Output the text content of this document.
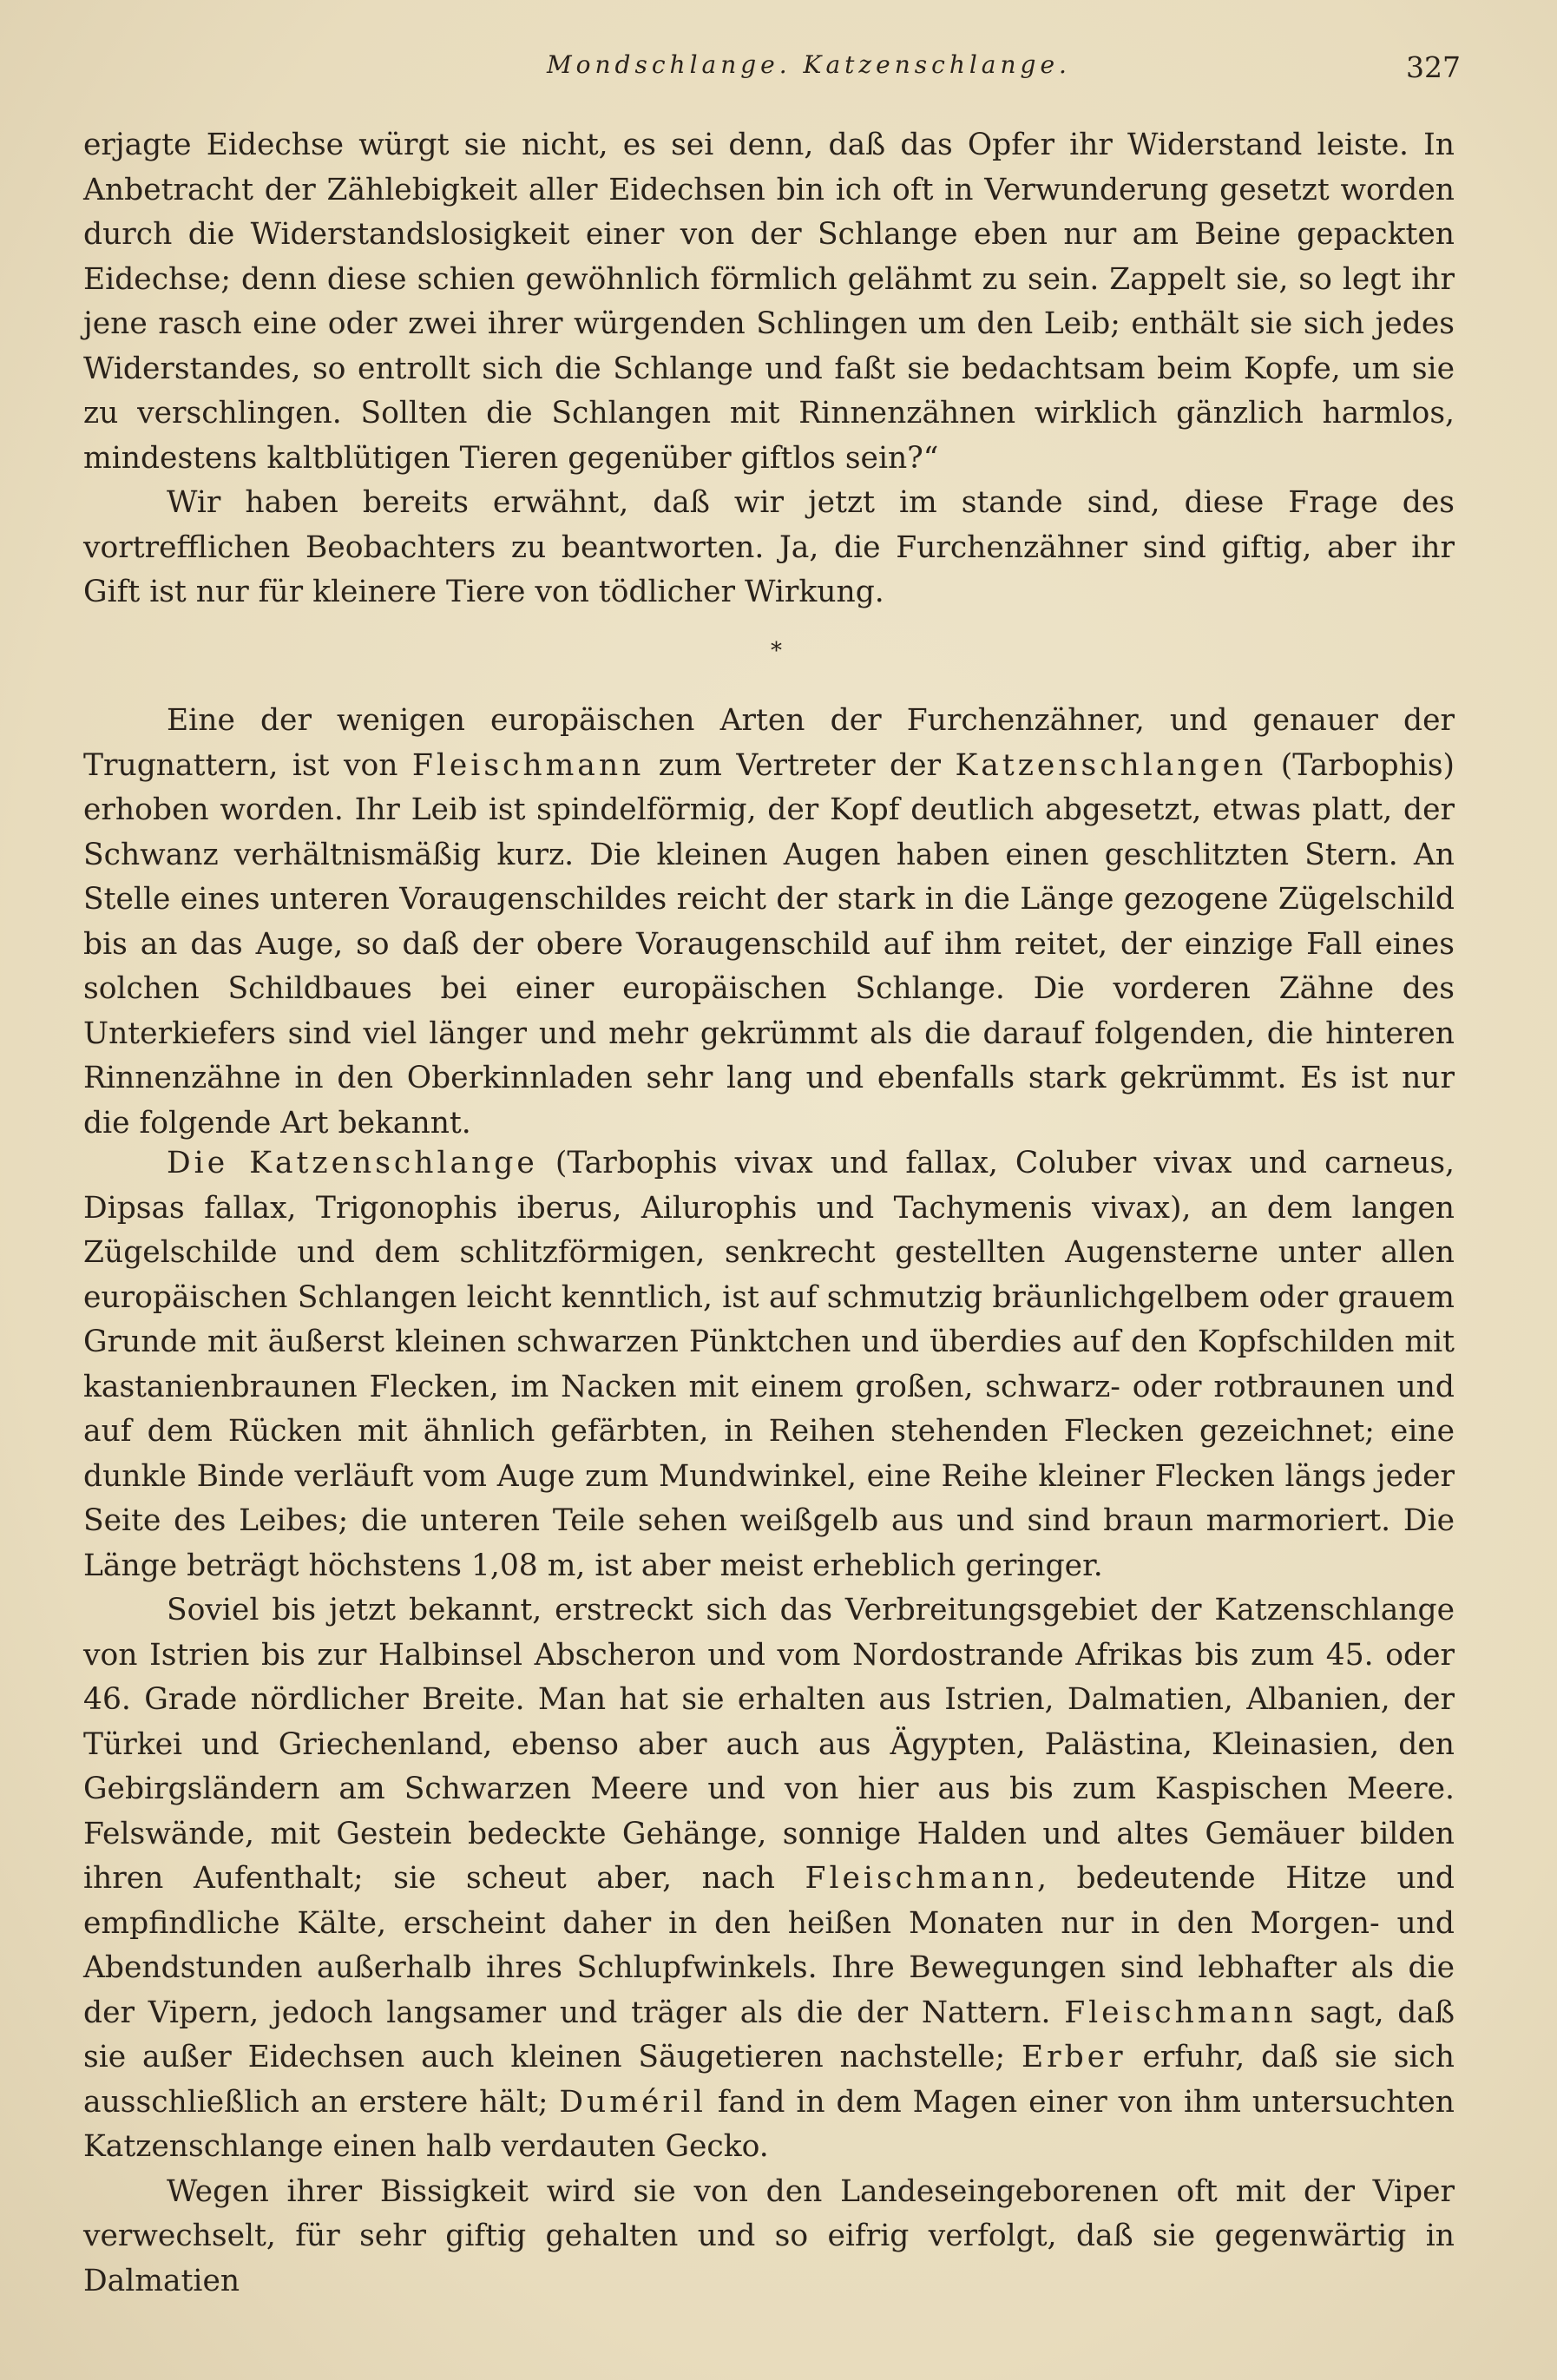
Mondschlange. Katzenschlange.	327

erjagte Eidechse würgt sie nicht, es sei denn, daß das Opfer ihr Widerstand leiste. In Anbetracht der Zählebigkeit aller Eidechsen bin ich oft in Verwunderung gesetzt worden durch die Widerstandslosigkeit einer von der Schlange eben nur am Beine gepackten Eidechse; denn diese schien gewöhnlich förmlich gelähmt zu sein. Zappelt sie, so legt ihr jene rasch eine oder zwei ihrer würgenden Schlingen um den Leib; enthält sie sich jedes Widerstandes, so entrollt sich die Schlange und faßt sie bedachtsam beim Kopfe, um sie zu verschlingen. Sollten die Schlangen mit Rinnenzähnen wirklich gänzlich harmlos, mindestens kaltblütigen Tieren gegenüber giftlos sein?“

Wir haben bereits erwähnt, daß wir jetzt im stande sind, diese Frage des vortrefflichen Beobachters zu beantworten. Ja, die Furchenzähner sind giftig, aber ihr Gift ist nur für kleinere Tiere von tödlicher Wirkung.

*

Eine der wenigen europäischen Arten der Furchenzähner, und genauer der Trugnattern, ist von Fleischmann zum Vertreter der Katzenschlangen (Tarbophis) erhoben worden. Ihr Leib ist spindelförmig, der Kopf deutlich abgesetzt, etwas platt, der Schwanz verhältnismäßig kurz. Die kleinen Augen haben einen geschlitzten Stern. An Stelle eines unteren Voraugenschildes reicht der stark in die Länge gezogene Zügelschild bis an das Auge, so daß der obere Voraugenschild auf ihm reitet, der einzige Fall eines solchen Schildbaues bei einer europäischen Schlange. Die vorderen Zähne des Unterkiefers sind viel länger und mehr gekrümmt als die darauf folgenden, die hinteren Rinnenzähne in den Oberkinnladen sehr lang und ebenfalls stark gekrümmt. Es ist nur die folgende Art bekannt.

Die Katzenschlange (Tarbophis vivax und fallax, Coluber vivax und carneus, Dipsas fallax, Trigonophis iberus, Ailurophis und Tachymenis vivax), an dem langen Zügelschilde und dem schlitzförmigen, senkrecht gestellten Augensterne unter allen europäischen Schlangen leicht kenntlich, ist auf schmutzig bräunlichgelbem oder grauem Grunde mit äußerst kleinen schwarzen Pünktchen und überdies auf den Kopfschilden mit kastanienbraunen Flecken, im Nacken mit einem großen, schwarz- oder rotbraunen und auf dem Rücken mit ähnlich gefärbten, in Reihen stehenden Flecken gezeichnet; eine dunkle Binde verläuft vom Auge zum Mundwinkel, eine Reihe kleiner Flecken längs jeder Seite des Leibes; die unteren Teile sehen weißgelb aus und sind braun marmoriert. Die Länge beträgt höchstens 1,08 m, ist aber meist erheblich geringer.

Soviel bis jetzt bekannt, erstreckt sich das Verbreitungsgebiet der Katzenschlange von Istrien bis zur Halbinsel Abscheron und vom Nordostrande Afrikas bis zum 45. oder 46. Grade nördlicher Breite. Man hat sie erhalten aus Istrien, Dalmatien, Albanien, der Türkei und Griechenland, ebenso aber auch aus Ägypten, Palästina, Kleinasien, den Gebirgsländern am Schwarzen Meere und von hier aus bis zum Kaspischen Meere. Felswände, mit Gestein bedeckte Gehänge, sonnige Halden und altes Gemäuer bilden ihren Aufenthalt; sie scheut aber, nach Fleischmann, bedeutende Hitze und empfindliche Kälte, erscheint daher in den heißen Monaten nur in den Morgen- und Abendstunden außerhalb ihres Schlupfwinkels. Ihre Bewegungen sind lebhafter als die der Vipern, jedoch langsamer und träger als die der Nattern. Fleischmann sagt, daß sie außer Eidechsen auch kleinen Säugetieren nachstelle; Erber erfuhr, daß sie sich ausschließlich an erstere hält; Duméril fand in dem Magen einer von ihm untersuchten Katzenschlange einen halb verdauten Gecko.

Wegen ihrer Bissigkeit wird sie von den Landeseingeborenen oft mit der Viper verwechselt, für sehr giftig gehalten und so eifrig verfolgt, daß sie gegenwärtig in Dalmatien
